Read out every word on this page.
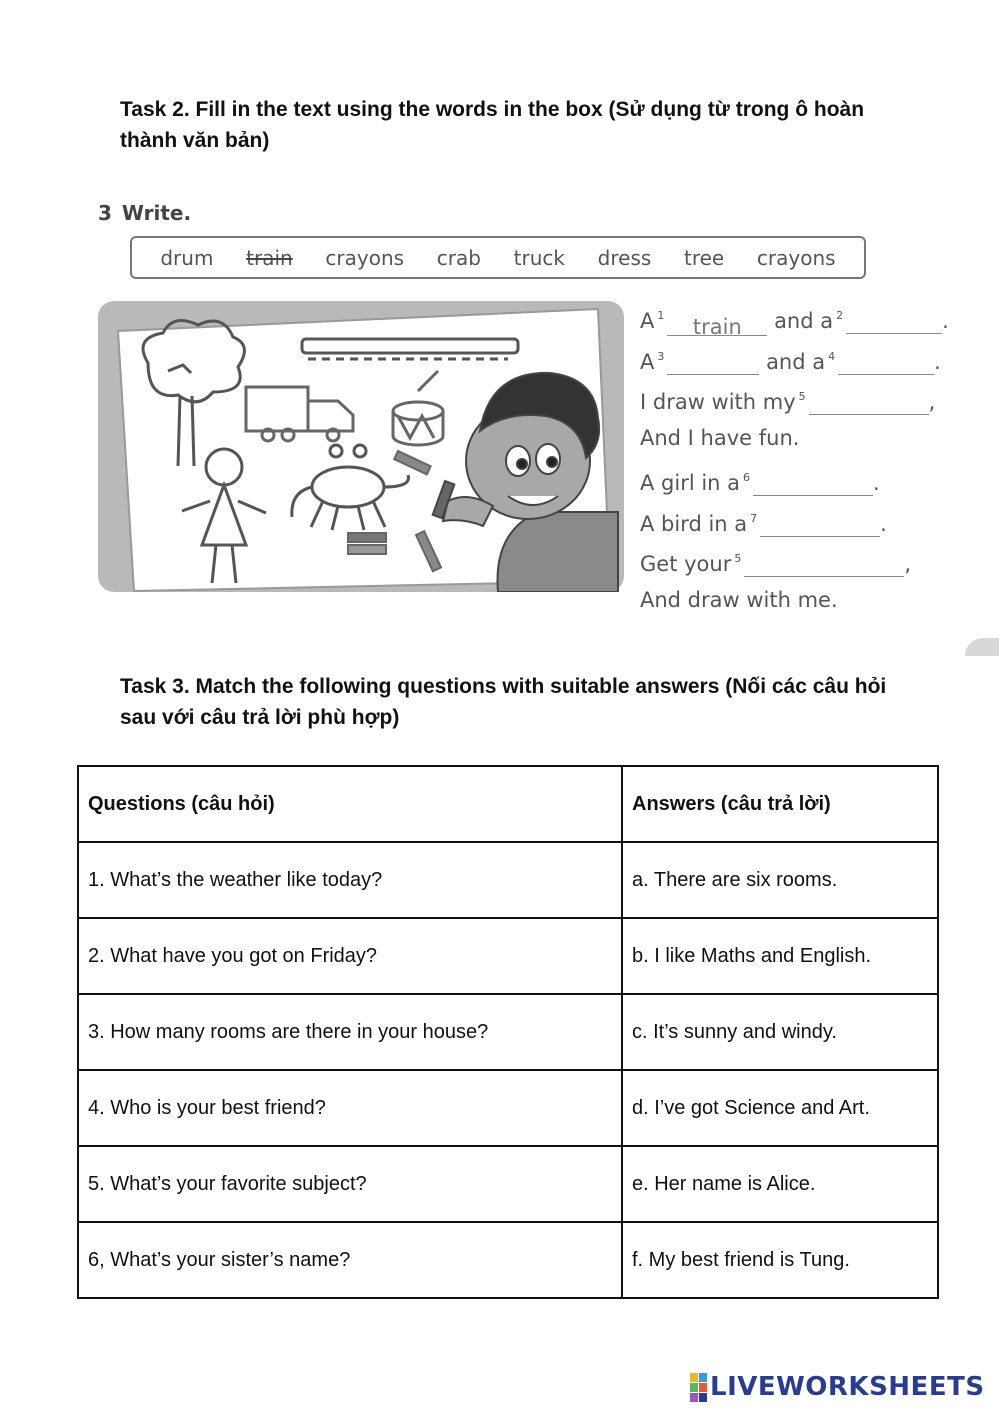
Task 2. Fill in the text using the words in the box (Sử dụng từ trong ô hoàn thành văn bản)
3 Write.
drum train crayons crab truck dress tree crayons
A $^1$ train and a $^2$	.
A $^3$	and a $^4$	.
I draw with my $^5$	,
And I have fun.
A girl in a $^6$	.
A bird in a $^7$	.
Get your $^5$	,
And draw with me.
Task 3. Match the following questions with suitable answers (Nối các câu hỏi sau với câu trả lời phù hợp)
Questions (câu hỏi)	Answers (câu trả lời)
1. What’s the weather like today?	a. There are six rooms.
2. What have you got on Friday?	b. I like Maths and English.
3. How many rooms are there in your house?	c. It’s sunny and windy.
4. Who is your best friend?	d. I’ve got Science and Art.
5. What’s your favorite subject?	e. Her name is Alice.
6, What’s your sister’s name?	f. My best friend is Tung.
LIVEWORKSHEETS
